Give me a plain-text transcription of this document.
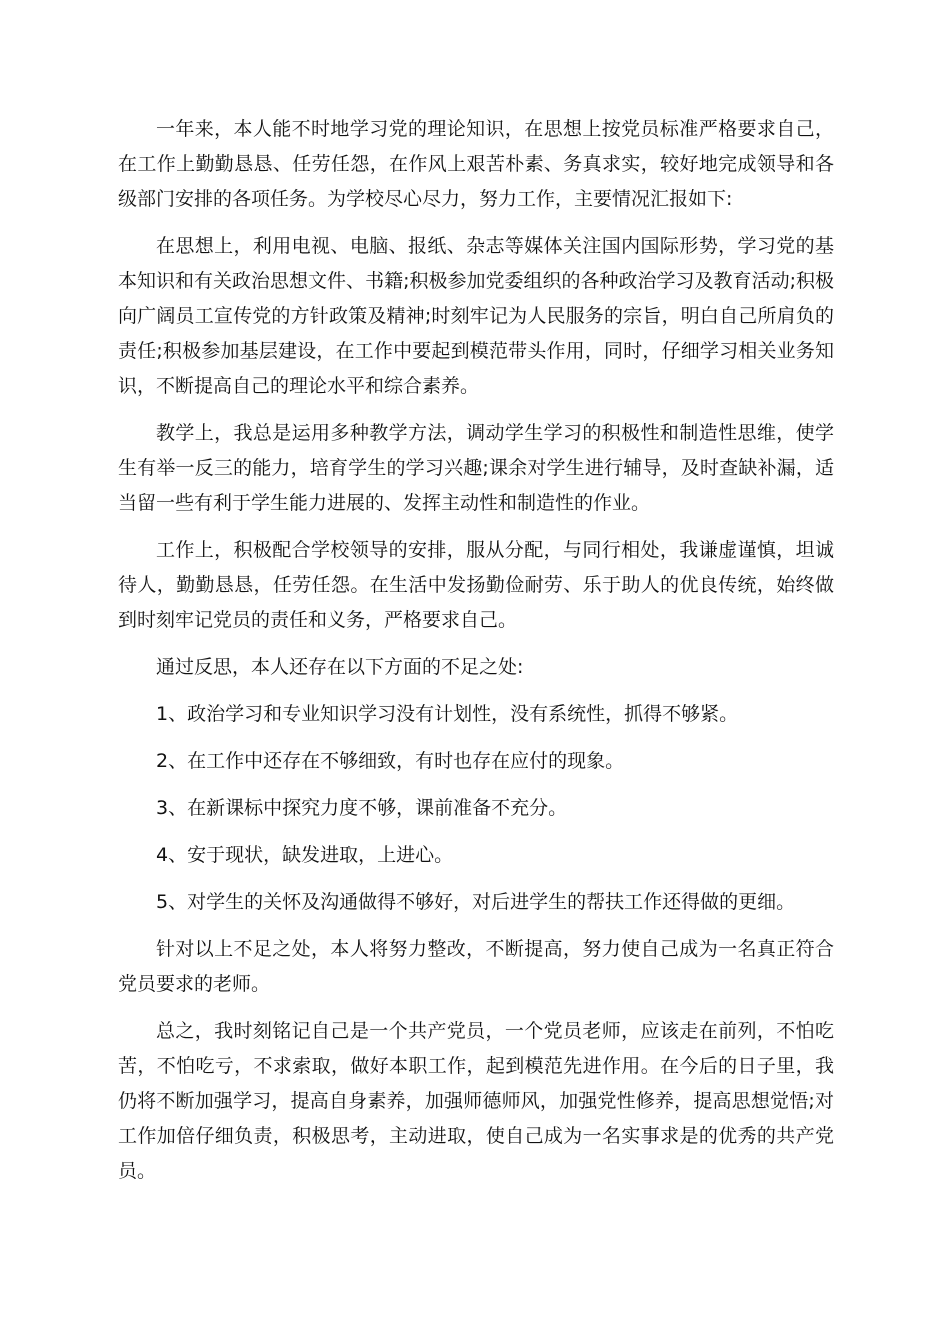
一年来，本人能不时地学习党的理论知识，在思想上按党员标准严格要求自己，在工作上勤勤恳恳、任劳任怨，在作风上艰苦朴素、务真求实，较好地完成领导和各级部门安排的各项任务。为学校尽心尽力，努力工作，主要情况汇报如下:

在思想上，利用电视、电脑、报纸、杂志等媒体关注国内国际形势，学习党的基本知识和有关政治思想文件、书籍;积极参加党委组织的各种政治学习及教育活动;积极向广阔员工宣传党的方针政策及精神;时刻牢记为人民服务的宗旨，明白自己所肩负的责任;积极参加基层建设，在工作中要起到模范带头作用，同时，仔细学习相关业务知识，不断提高自己的理论水平和综合素养。

教学上，我总是运用多种教学方法，调动学生学习的积极性和制造性思维，使学生有举一反三的能力，培育学生的学习兴趣;课余对学生进行辅导，及时查缺补漏，适当留一些有利于学生能力进展的、发挥主动性和制造性的作业。

工作上，积极配合学校领导的安排，服从分配，与同行相处，我谦虚谨慎，坦诚待人，勤勤恳恳，任劳任怨。在生活中发扬勤俭耐劳、乐于助人的优良传统，始终做到时刻牢记党员的责任和义务，严格要求自己。

通过反思，本人还存在以下方面的不足之处:

1、政治学习和专业知识学习没有计划性，没有系统性，抓得不够紧。

2、在工作中还存在不够细致，有时也存在应付的现象。

3、在新课标中探究力度不够，课前准备不充分。

4、安于现状，缺发进取，上进心。

5、对学生的关怀及沟通做得不够好，对后进学生的帮扶工作还得做的更细。

针对以上不足之处，本人将努力整改，不断提高，努力使自己成为一名真正符合党员要求的老师。

总之，我时刻铭记自己是一个共产党员，一个党员老师，应该走在前列，不怕吃苦，不怕吃亏，不求索取，做好本职工作，起到模范先进作用。在今后的日子里，我仍将不断加强学习，提高自身素养，加强师德师风，加强党性修养，提高思想觉悟;对工作加倍仔细负责，积极思考，主动进取，使自己成为一名实事求是的优秀的共产党员。
